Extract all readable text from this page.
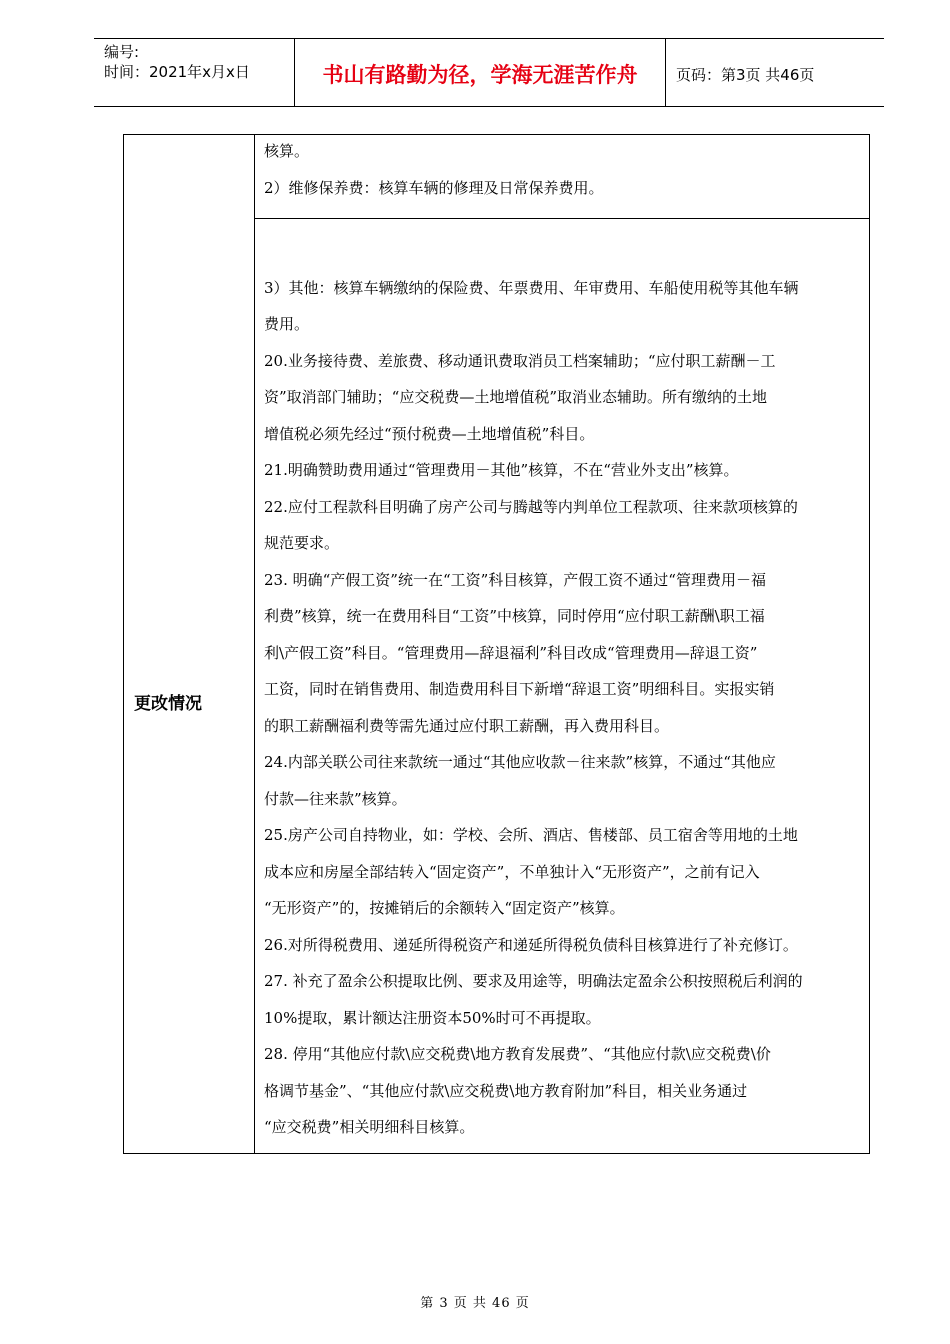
编号:
时间：2021年x月x日	书山有路勤为径，学海无涯苦作舟	页码：第3页 共46页
更改情况
核算。
2）维修保养费：核算车辆的修理及日常保养费用。

3）其他：核算车辆缴纳的保险费、年票费用、年审费用、车船使用税等其他车辆
费用。
20.业务接待费、差旅费、移动通讯费取消员工档案辅助；“应付职工薪酬－工
资”取消部门辅助；“应交税费—土地增值税”取消业态辅助。所有缴纳的土地
增值税必须先经过“预付税费—土地增值税”科目。
21.明确赞助费用通过“管理费用－其他”核算，不在“营业外支出”核算。
22.应付工程款科目明确了房产公司与腾越等内判单位工程款项、往来款项核算的
规范要求。
23. 明确“产假工资”统一在“工资”科目核算，产假工资不通过“管理费用－福
利费”核算，统一在费用科目“工资”中核算，同时停用“应付职工薪酬\职工福
利\产假工资”科目。“管理费用—辞退福利”科目改成“管理费用—辞退工资”
工资，同时在销售费用、制造费用科目下新增“辞退工资”明细科目。实报实销
的职工薪酬福利费等需先通过应付职工薪酬，再入费用科目。
24.内部关联公司往来款统一通过“其他应收款－往来款”核算，不通过“其他应
付款—往来款”核算。
25.房产公司自持物业，如：学校、会所、酒店、售楼部、员工宿舍等用地的土地
成本应和房屋全部结转入“固定资产”，不单独计入“无形资产”，之前有记入
“无形资产”的，按摊销后的余额转入“固定资产”核算。
26.对所得税费用、递延所得税资产和递延所得税负债科目核算进行了补充修订。
27. 补充了盈余公积提取比例、要求及用途等，明确法定盈余公积按照税后利润的
10%提取，累计额达注册资本50%时可不再提取。
28. 停用“其他应付款\应交税费\地方教育发展费”、“其他应付款\应交税费\价
格调节基金”、“其他应付款\应交税费\地方教育附加”科目，相关业务通过
“应交税费”相关明细科目核算。
第 3 页 共 46 页
